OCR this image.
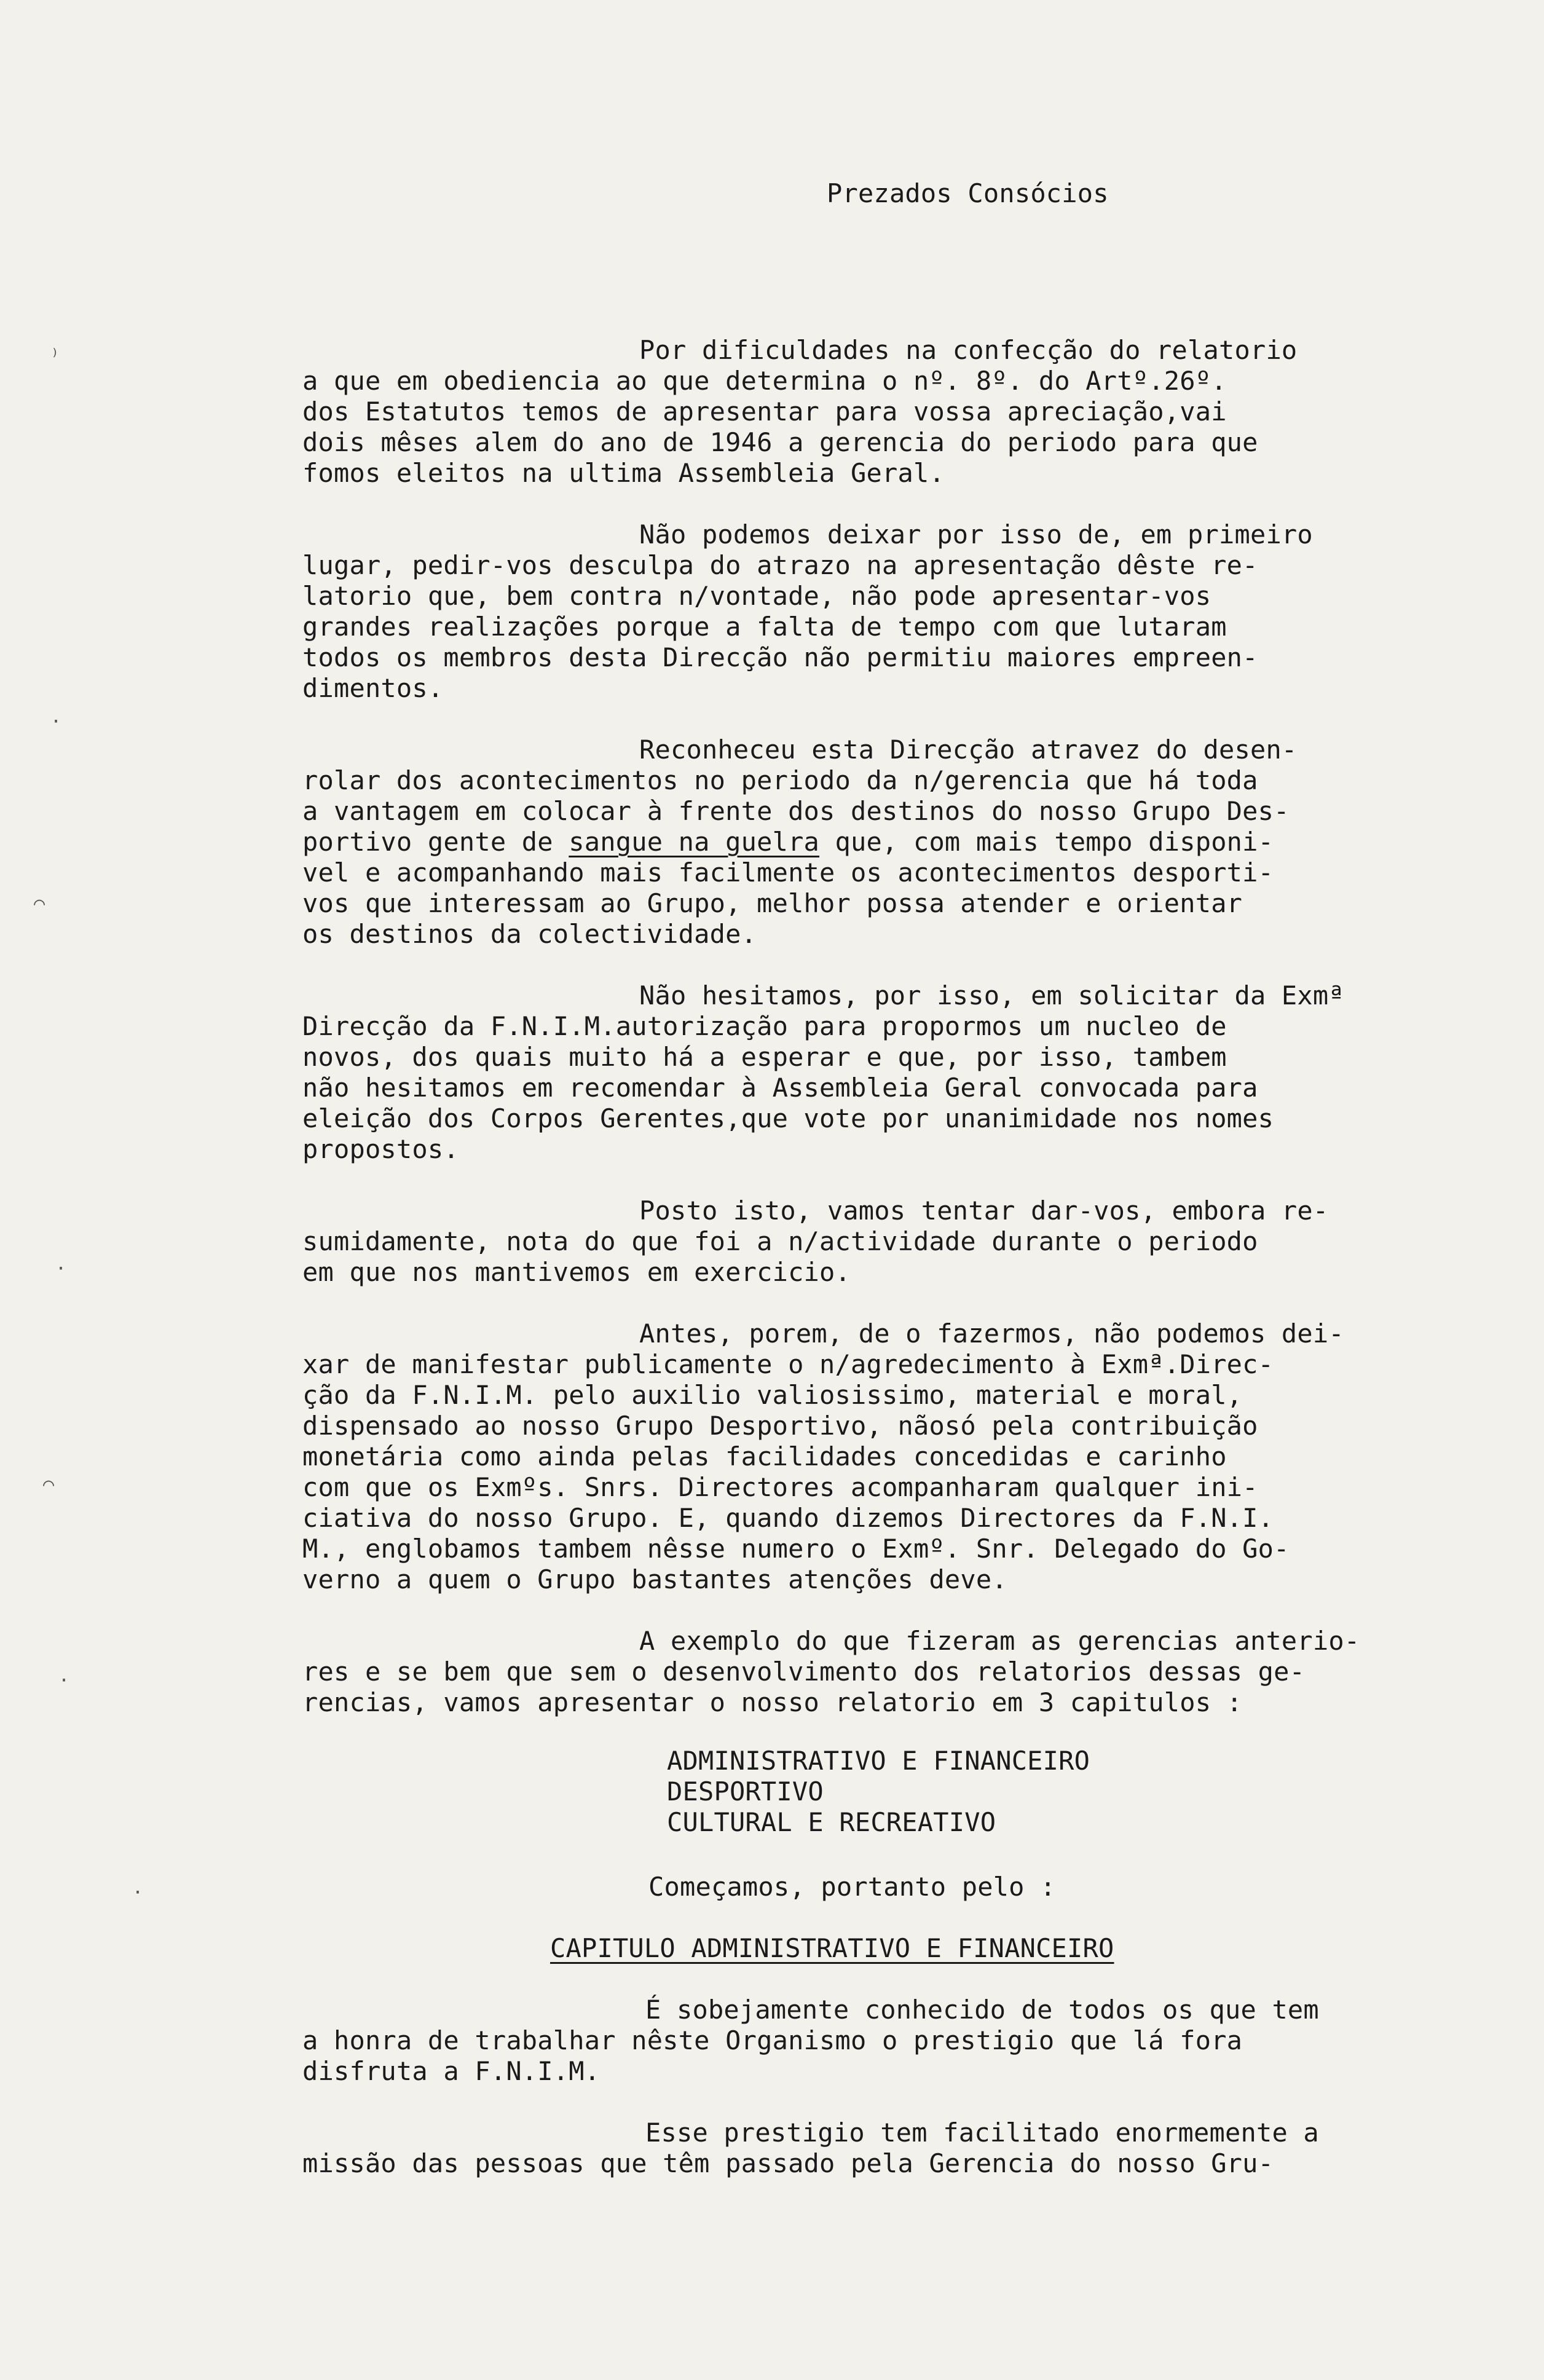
Prezados Consócios
Por dificuldades na confecção do relatorio
a que em obediencia ao que determina o nº. 8º. do Artº.26º.
dos Estatutos temos de apresentar para vossa apreciação,vai
dois mêses alem do ano de 1946 a gerencia do periodo para que
fomos eleitos na ultima Assembleia Geral.
Não podemos deixar por isso de, em primeiro
lugar, pedir-vos desculpa do atrazo na apresentação dêste re-
latorio que, bem contra n/vontade, não pode apresentar-vos
grandes realizações porque a falta de tempo com que lutaram
todos os membros desta Direcção não permitiu maiores empreen-
dimentos.
Reconheceu esta Direcção atravez do desen-
rolar dos acontecimentos no periodo da n/gerencia que há toda
a vantagem em colocar à frente dos destinos do nosso Grupo Des-
portivo gente de sangue na guelra que, com mais tempo disponi-
vel e acompanhando mais facilmente os acontecimentos desporti-
vos que interessam ao Grupo, melhor possa atender e orientar
os destinos da colectividade.
Não hesitamos, por isso, em solicitar da Exmª
Direcção da F.N.I.M.autorização para propormos um nucleo de
novos, dos quais muito há a esperar e que, por isso, tambem
não hesitamos em recomendar à Assembleia Geral convocada para
eleição dos Corpos Gerentes,que vote por unanimidade nos nomes
propostos.
Posto isto, vamos tentar dar-vos, embora re-
sumidamente, nota do que foi a n/actividade durante o periodo
em que nos mantivemos em exercicio.
Antes, porem, de o fazermos, não podemos dei-
xar de manifestar publicamente o n/agredecimento à Exmª.Direc-
ção da F.N.I.M. pelo auxilio valiosissimo, material e moral,
dispensado ao nosso Grupo Desportivo, nãosó pela contribuição
monetária como ainda pelas facilidades concedidas e carinho
com que os Exmºs. Snrs. Directores acompanharam qualquer ini-
ciativa do nosso Grupo. E, quando dizemos Directores da F.N.I.
M., englobamos tambem nêsse numero o Exmº. Snr. Delegado do Go-
verno a quem o Grupo bastantes atenções deve.
A exemplo do que fizeram as gerencias anterio-
res e se bem que sem o desenvolvimento dos relatorios dessas ge-
rencias, vamos apresentar o nosso relatorio em 3 capitulos :
ADMINISTRATIVO E FINANCEIRO
DESPORTIVO
CULTURAL E RECREATIVO
Começamos, portanto pelo :
CAPITULO ADMINISTRATIVO E FINANCEIRO
É sobejamente conhecido de todos os que tem
a honra de trabalhar nêste Organismo o prestigio que lá fora
disfruta a F.N.I.M.
Esse prestigio tem facilitado enormemente a
missão das pessoas que têm passado pela Gerencia do nosso Gru-
⁾
·
⌒
·
⌒
·
·
